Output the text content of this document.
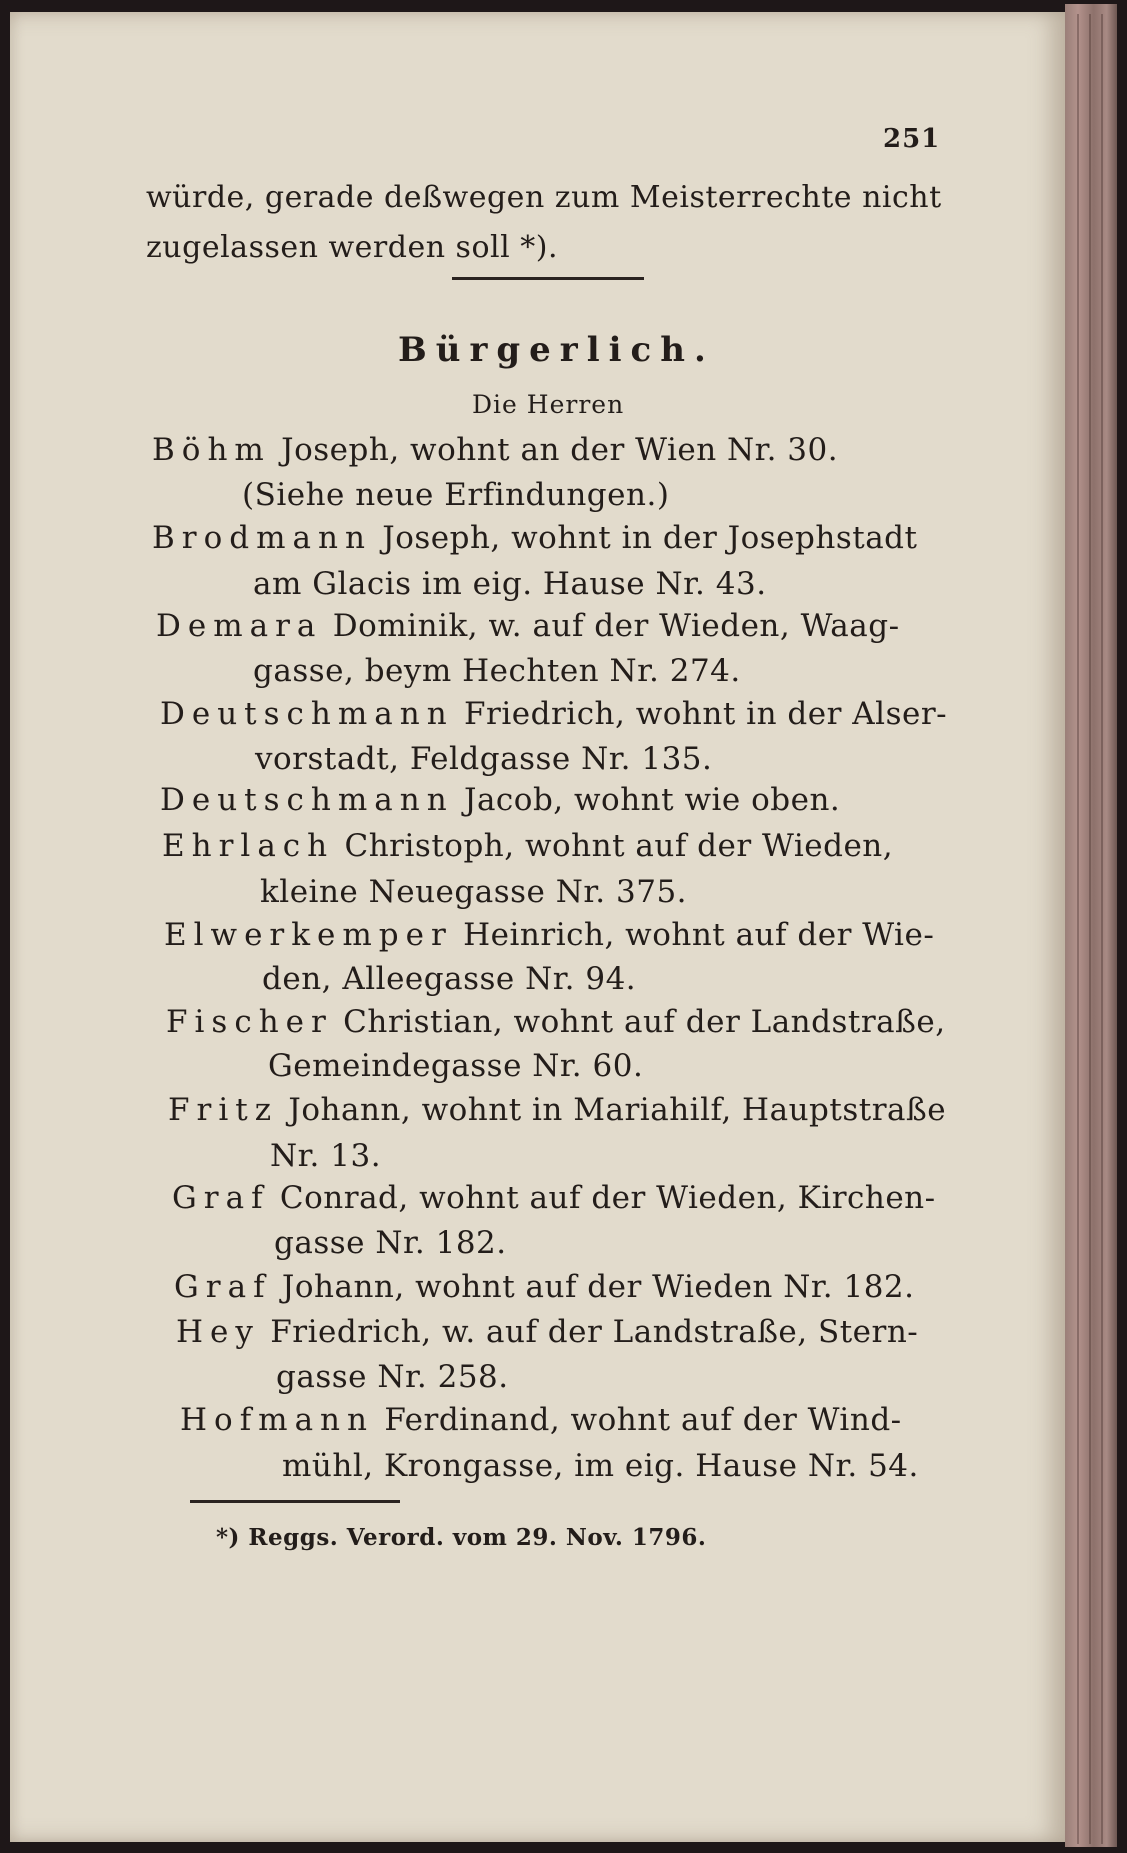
251
würde, gerade deßwegen zum Meisterrechte nicht
zugelassen werden soll *).
Bürgerlich.
Die Herren
Böhm Joseph, wohnt an der Wien Nr. 30.
(Siehe neue Erfindungen.)
Brodmann Joseph, wohnt in der Josephstadt
am Glacis im eig. Hause Nr. 43.
Demara Dominik, w. auf der Wieden, Waag-
gasse, beym Hechten Nr. 274.
Deutschmann Friedrich, wohnt in der Alser-
vorstadt, Feldgasse Nr. 135.
Deutschmann Jacob, wohnt wie oben.
Ehrlach Christoph, wohnt auf der Wieden,
kleine Neuegasse Nr. 375.
Elwerkemper Heinrich, wohnt auf der Wie-
den, Alleegasse Nr. 94.
Fischer Christian, wohnt auf der Landstraße,
Gemeindegasse Nr. 60.
Fritz Johann, wohnt in Mariahilf, Hauptstraße
Nr. 13.
Graf Conrad, wohnt auf der Wieden, Kirchen-
gasse Nr. 182.
Graf Johann, wohnt auf der Wieden Nr. 182.
Hey Friedrich, w. auf der Landstraße, Stern-
gasse Nr. 258.
Hofmann Ferdinand, wohnt auf der Wind-
mühl, Krongasse, im eig. Hause Nr. 54.
*) Reggs. Verord. vom 29. Nov. 1796.
